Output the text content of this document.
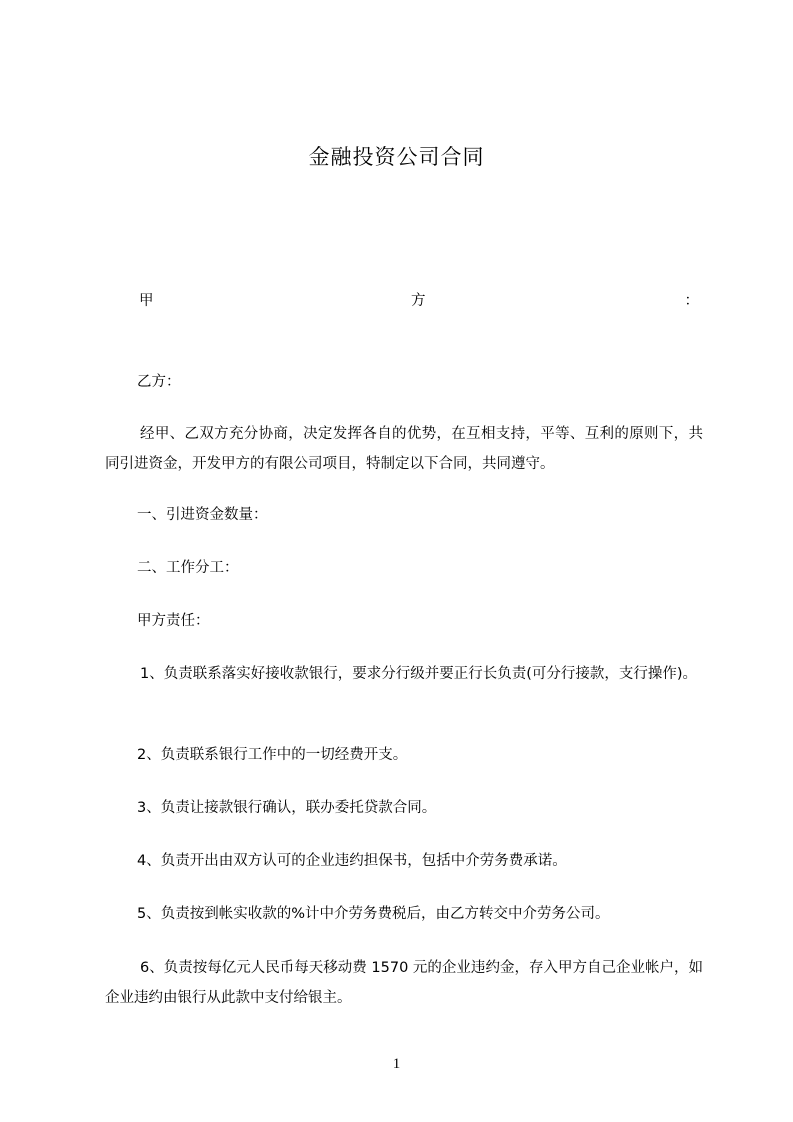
金融投资公司合同
甲	方	：

乙方：

经甲、乙双方充分协商，决定发挥各自的优势，在互相支持，平等、互利的原则下，共同引进资金，开发甲方的有限公司项目，特制定以下合同，共同遵守。

一、引进资金数量：

二、工作分工：

甲方责任：

1、负责联系落实好接收款银行，要求分行级并要正行长负责(可分行接款，支行操作)。

2、负责联系银行工作中的一切经费开支。

3、负责让接款银行确认，联办委托贷款合同。

4、负责开出由双方认可的企业违约担保书，包括中介劳务费承诺。

5、负责按到帐实收款的%计中介劳务费税后，由乙方转交中介劳务公司。

6、负责按每亿元人民币每天移动费 1570 元的企业违约金，存入甲方自己企业帐户，如企业违约由银行从此款中支付给银主。

1
